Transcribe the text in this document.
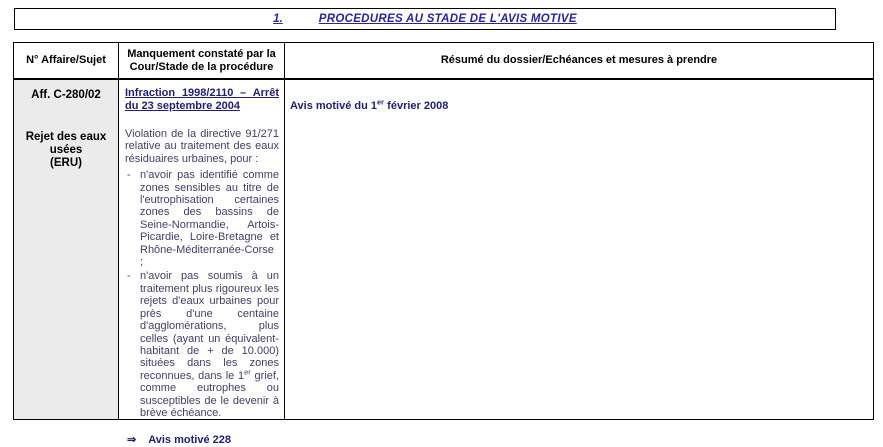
1.	PROCEDURES AU STADE DE L'AVIS MOTIVE
N° Affaire/Sujet
Manquement constaté par la Cour/Stade de la procédure
Résumé du dossier/Echéances et mesures à prendre
Aff. C-280/02
Rejet des eaux usées
(ERU)
Infraction 1998/2110 – Arrêt du 23 septembre 2004
Violation de la directive 91/271 relative au traitement des eaux résiduaires urbaines, pour :
- n'avoir pas identifié comme zones sensibles au titre de l'eutrophisation certaines zones des bassins de Seine-Normandie, Artois-Picardie, Loire-Bretagne et Rhône-Méditerranée-Corse ;
- n'avoir pas soumis à un traitement plus rigoureux les rejets d'eaux urbaines pour près d'une centaine d'agglomérations, plus celles (ayant un équivalent-habitant de + de 10.000) situées dans les zones reconnues, dans le 1er grief, comme eutrophes ou susceptibles de le devenir à brève échéance.
⇒ Avis motivé 228
Avis motivé du 1er février 2008
